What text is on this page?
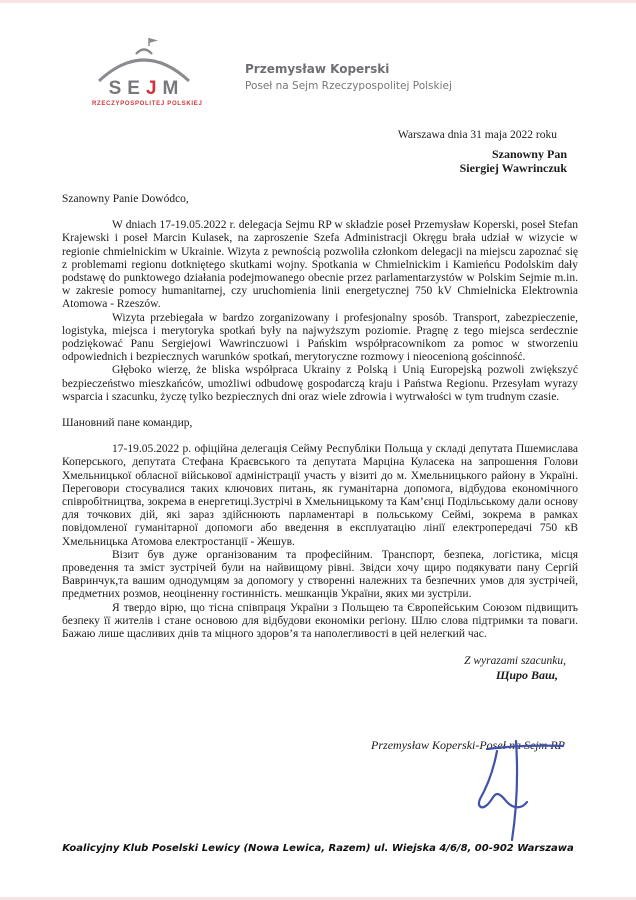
SEJM
RZECZYPOSPOLITEJ POLSKIEJ
Przemysław Koperski
Poseł na Sejm Rzeczypospolitej Polskiej
Warszawa dnia 31 maja 2022 roku
Szanowny Pan
Siergiej Wawrinczuk

Szanowny Panie Dowódco,

W dniach 17-19.05.2022 r. delegacja Sejmu RP w składzie poseł Przemysław Koperski, poseł Stefan Krajewski i poseł Marcin Kulasek, na zaproszenie Szefa Administracji Okręgu brała udział w wizycie w regionie chmielnickim w Ukrainie. Wizyta z pewnością pozwoliła członkom delegacji na miejscu zapoznać się z problemami regionu dotkniętego skutkami wojny. Spotkania w Chmielnickim i Kamieńcu Podolskim dały podstawę do punktowego działania podejmowanego obecnie przez parlamentarzystów w Polskim Sejmie m.in. w zakresie pomocy humanitarnej, czy uruchomienia linii energetycznej 750 kV Chmielnicka Elektrownia Atomowa - Rzeszów.

Wizyta przebiegała w bardzo zorganizowany i profesjonalny sposób. Transport, zabezpieczenie, logistyka, miejsca i merytoryka spotkań były na najwyższym poziomie. Pragnę z tego miejsca serdecznie podziękować Panu Sergiejowi Wawrinczuowi i Pańskim współpracownikom za pomoc w stworzeniu odpowiednich i bezpiecznych warunków spotkań, merytoryczne rozmowy i nieocenioną gościnność.

Głęboko wierzę, że bliska współpraca Ukrainy z Polską i Unią Europejską pozwoli zwiększyć bezpieczeństwo mieszkańców, umożliwi odbudowę gospodarczą kraju i Państwa Regionu. Przesyłam wyrazy wsparcia i szacunku, życzę tylko bezpiecznych dni oraz wiele zdrowia i wytrwałości w tym trudnym czasie.

Шановний пане командир,

17-19.05.2022 р. офіційна делегація Сейму Республіки Польща у складі депутата Пшемислава Коперського, депутата Стефана Краєвського та депутата Марціна Куласека на запрошення Голови Хмельницької обласної військової адміністрації участь у візиті до м. Хмельницького району в Україні. Переговори стосувалися таких ключових питань, як гуманітарна допомога, відбудова економічного співробітництва, зокрема в енергетиці.Зустрічі в Хмельницькому та Кам’єнці Подільському дали основу для точкових дій, які зараз здійснюють парламентарі в польському Сеймі, зокрема в рамках повідомленої гуманітарної допомоги або введення в експлуатацію лінії електропередачі 750 кВ Хмельницька Атомова електростанції - Жешув.

Візит був дуже організованим та професійним. Транспорт, безпека, логістика, місця проведення та зміст зустрічей були на найвищому рівні. Звідси хочу щиро подякувати пану Сергій Вавринчук,та вашим однодумцям за допомогу у створенні належних та безпечних умов для зустрічей, предметних розмов, неоціненну гостинність. мешканців України, яких ми зустріли.

Я твердо вірю, що тісна співпраця України з Польщею та Європейським Союзом підвищить безпеку її жителів і стане основою для відбудови економіки регіону. Шлю слова підтримки та поваги. Бажаю лише щасливих днів та міцного здоров’я та наполегливості в цей нелегкий час.

Z wyrazami szacunku,
Щиро Ваш,
Przemysław Koperski-Poseł na Sejm RP
Koalicyjny Klub Poselski Lewicy (Nowa Lewica, Razem) ul. Wiejska 4/6/8, 00-902 Warszawa
